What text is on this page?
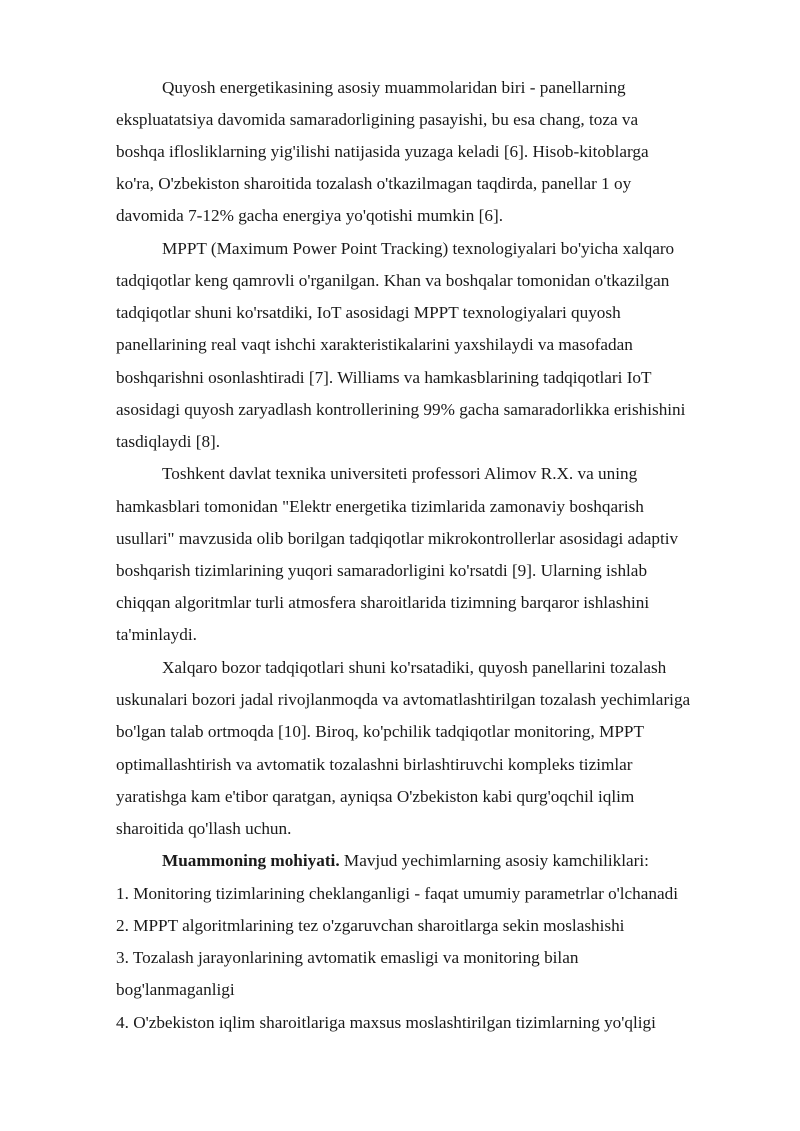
Quyosh energetikasining asosiy muammolaridan biri - panellarning
ekspluatatsiya davomida samaradorligining pasayishi, bu esa chang, toza va
boshqa iflosliklarning yig'ilishi natijasida yuzaga keladi [6]. Hisob-kitoblarga
ko'ra, O'zbekiston sharoitida tozalash o'tkazilmagan taqdirda, panellar 1 oy
davomida 7-12% gacha energiya yo'qotishi mumkin [6].
MPPT (Maximum Power Point Tracking) texnologiyalari bo'yicha xalqaro
tadqiqotlar keng qamrovli o'rganilgan. Khan va boshqalar tomonidan o'tkazilgan
tadqiqotlar shuni ko'rsatdiki, IoT asosidagi MPPT texnologiyalari quyosh
panellarining real vaqt ishchi xarakteristikalarini yaxshilaydi va masofadan
boshqarishni osonlashtiradi [7]. Williams va hamkasblarining tadqiqotlari IoT
asosidagi quyosh zaryadlash kontrollerining 99% gacha samaradorlikka erishishini
tasdiqlaydi [8].
Toshkent davlat texnika universiteti professori Alimov R.X. va uning
hamkasblari tomonidan "Elektr energetika tizimlarida zamonaviy boshqarish
usullari" mavzusida olib borilgan tadqiqotlar mikrokontrollerlar asosidagi adaptiv
boshqarish tizimlarining yuqori samaradorligini ko'rsatdi [9]. Ularning ishlab
chiqqan algoritmlar turli atmosfera sharoitlarida tizimning barqaror ishlashini
ta'minlaydi.
Xalqaro bozor tadqiqotlari shuni ko'rsatadiki, quyosh panellarini tozalash
uskunalari bozori jadal rivojlanmoqda va avtomatlashtirilgan tozalash yechimlariga
bo'lgan talab ortmoqda [10]. Biroq, ko'pchilik tadqiqotlar monitoring, MPPT
optimallashtirish va avtomatik tozalashni birlashtiruvchi kompleks tizimlar
yaratishga kam e'tibor qaratgan, ayniqsa O'zbekiston kabi qurg'oqchil iqlim
sharoitida qo'llash uchun.
Muammoning mohiyati. Mavjud yechimlarning asosiy kamchiliklari:
1. Monitoring tizimlarining cheklanganligi - faqat umumiy parametrlar o'lchanadi
2. MPPT algoritmlarining tez o'zgaruvchan sharoitlarga sekin moslashishi
3. Tozalash jarayonlarining avtomatik emasligi va monitoring bilan
bog'lanmaganligi
4. O'zbekiston iqlim sharoitlariga maxsus moslashtirilgan tizimlarning yo'qligi
